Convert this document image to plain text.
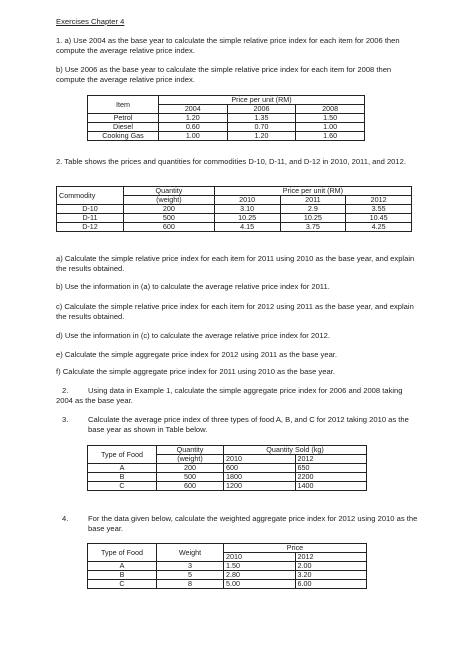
Exercises Chapter 4
1. a) Use 2004 as the base year to calculate the simple relative price index for each item for 2006 then compute the average relative price index.
b) Use 2006 as the base year to calculate the simple relative price index for each item for 2008 then compute the average relative price index.
Item	Price per unit (RM)		
	2004	2006	2008
Petrol	1.20	1.35	1.50
Diesel	0.60	0.70	1.00
Cooking Gas	1.00	1.20	1.60
2. Table shows the prices and quantities for commodities D-10, D-11, and D-12 in 2010, 2011, and 2012.
Commodity	Quantity	Price per unit (RM)		
	(weight)	2010	2011	2012
D-10	200	3.10	2.9	3.55
D-11	500	10.25	10.25	10.45
D-12	600	4.15	3.75	4.25
a) Calculate the simple relative price index for each item for 2011 using 2010 as the base year, and explain the results obtained.
b) Use the information in (a) to calculate the average relative price index for 2011.
c) Calculate the simple relative price index for each item for 2012 using 2011 as the base year, and explain the results obtained.
d) Use the information in (c) to calculate the average relative price index for 2012.
e) Calculate the simple aggregate price index for 2012 using 2011 as the base year.
f) Calculate the simple aggregate price index for 2011 using 2010 as the base year.
2.	Using data in Example 1, calculate the simple aggregate price index for 2006 and 2008 taking 2004 as the base year.
3.	Calculate the average price index of three types of food A, B, and C for 2012 taking 2010 as the base year as shown in Table below.
Type of Food	Quantity	Quantity Sold (kg)	
	(weight)	2010	2012
A	200	600	650
B	500	1800	2200
C	600	1200	1400
4.	For the data given below, calculate the weighted aggregate price index for 2012 using 2010 as the base year.
Type of Food	Weight	Price	
		2010	2012
A	3	1.50	2.00
B	5	2.80	3.20
C	8	5.00	6.00
